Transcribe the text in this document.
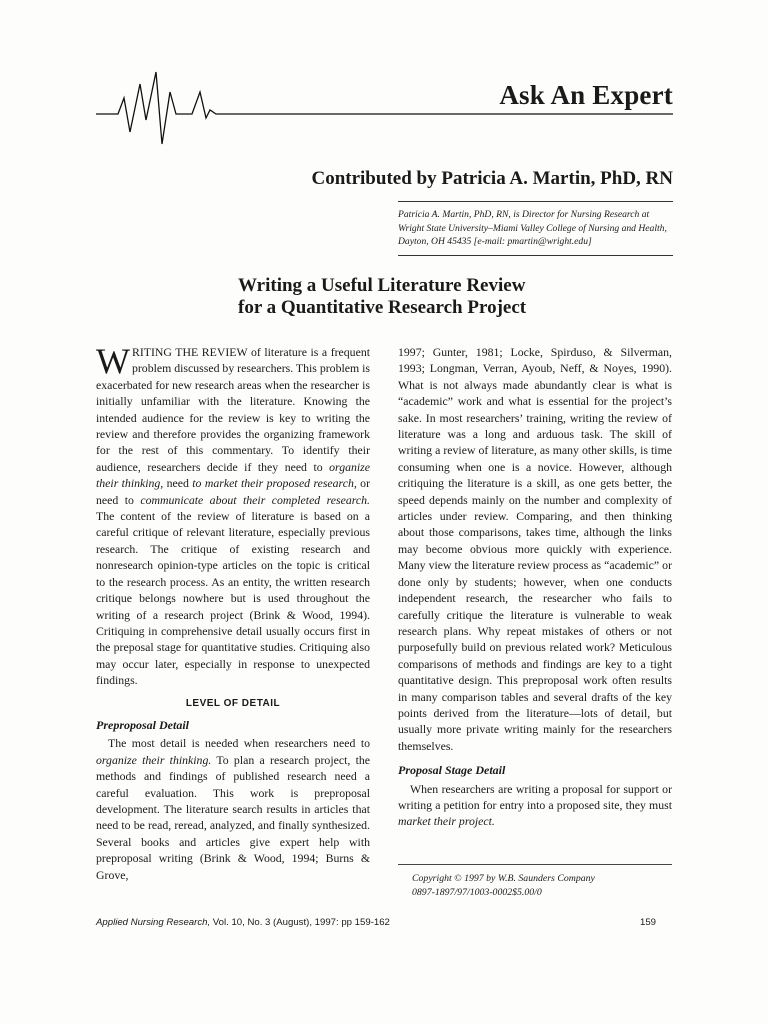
Ask An Expert
Contributed by Patricia A. Martin, PhD, RN
Patricia A. Martin, PhD, RN, is Director for Nursing Research at Wright State University–Miami Valley College of Nursing and Health, Dayton, OH 45435 [e-mail: pmartin@wright.edu]
Writing a Useful Literature Review
for a Quantitative Research Project

WRITING THE REVIEW of literature is a frequent problem discussed by researchers. This problem is exacerbated for new research areas when the researcher is initially unfamiliar with the literature. Knowing the intended audience for the review is key to writing the review and therefore provides the organizing framework for the rest of this commentary. To identify their audience, researchers decide if they need to organize their thinking, need to market their proposed research, or need to communicate about their completed research. The content of the review of literature is based on a careful critique of relevant literature, especially previous research. The critique of existing research and nonresearch opinion-type articles on the topic is critical to the research process. As an entity, the written research critique belongs nowhere but is used throughout the writing of a research project (Brink & Wood, 1994). Critiquing in comprehensive detail usually occurs first in the preposal stage for quantitative studies. Critiquing also may occur later, especially in response to unexpected findings.

LEVEL OF DETAIL
Preproposal Detail

The most detail is needed when researchers need to organize their thinking. To plan a research project, the methods and findings of published research need a careful evaluation. This work is preproposal development. The literature search results in articles that need to be read, reread, analyzed, and finally synthesized. Several books and articles give expert help with preproposal writing (Brink & Wood, 1994; Burns & Grove,

1997; Gunter, 1981; Locke, Spirduso, & Silverman, 1993; Longman, Verran, Ayoub, Neff, & Noyes, 1990). What is not always made abundantly clear is what is “academic” work and what is essential for the project’s sake. In most researchers’ training, writing the review of literature was a long and arduous task. The skill of writing a review of literature, as many other skills, is time consuming when one is a novice. However, although critiquing the literature is a skill, as one gets better, the speed depends mainly on the number and complexity of articles under review. Comparing, and then thinking about those comparisons, takes time, although the links may become obvious more quickly with experience. Many view the literature review process as “academic” or done only by students; however, when one conducts independent research, the researcher who fails to carefully critique the literature is vulnerable to weak research plans. Why repeat mistakes of others or not purposefully build on previous related work? Meticulous comparisons of methods and findings are key to a tight quantitative design. This preproposal work often results in many comparison tables and several drafts of the key points derived from the literature—lots of detail, but usually more private writing mainly for the researchers themselves.

Proposal Stage Detail

When researchers are writing a proposal for support or writing a petition for entry into a proposed site, they must market their project.

Copyright © 1997 by W.B. Saunders Company
0897-1897/97/1003-0002$5.00/0
Applied Nursing Research, Vol. 10, No. 3 (August), 1997: pp 159-162	159
